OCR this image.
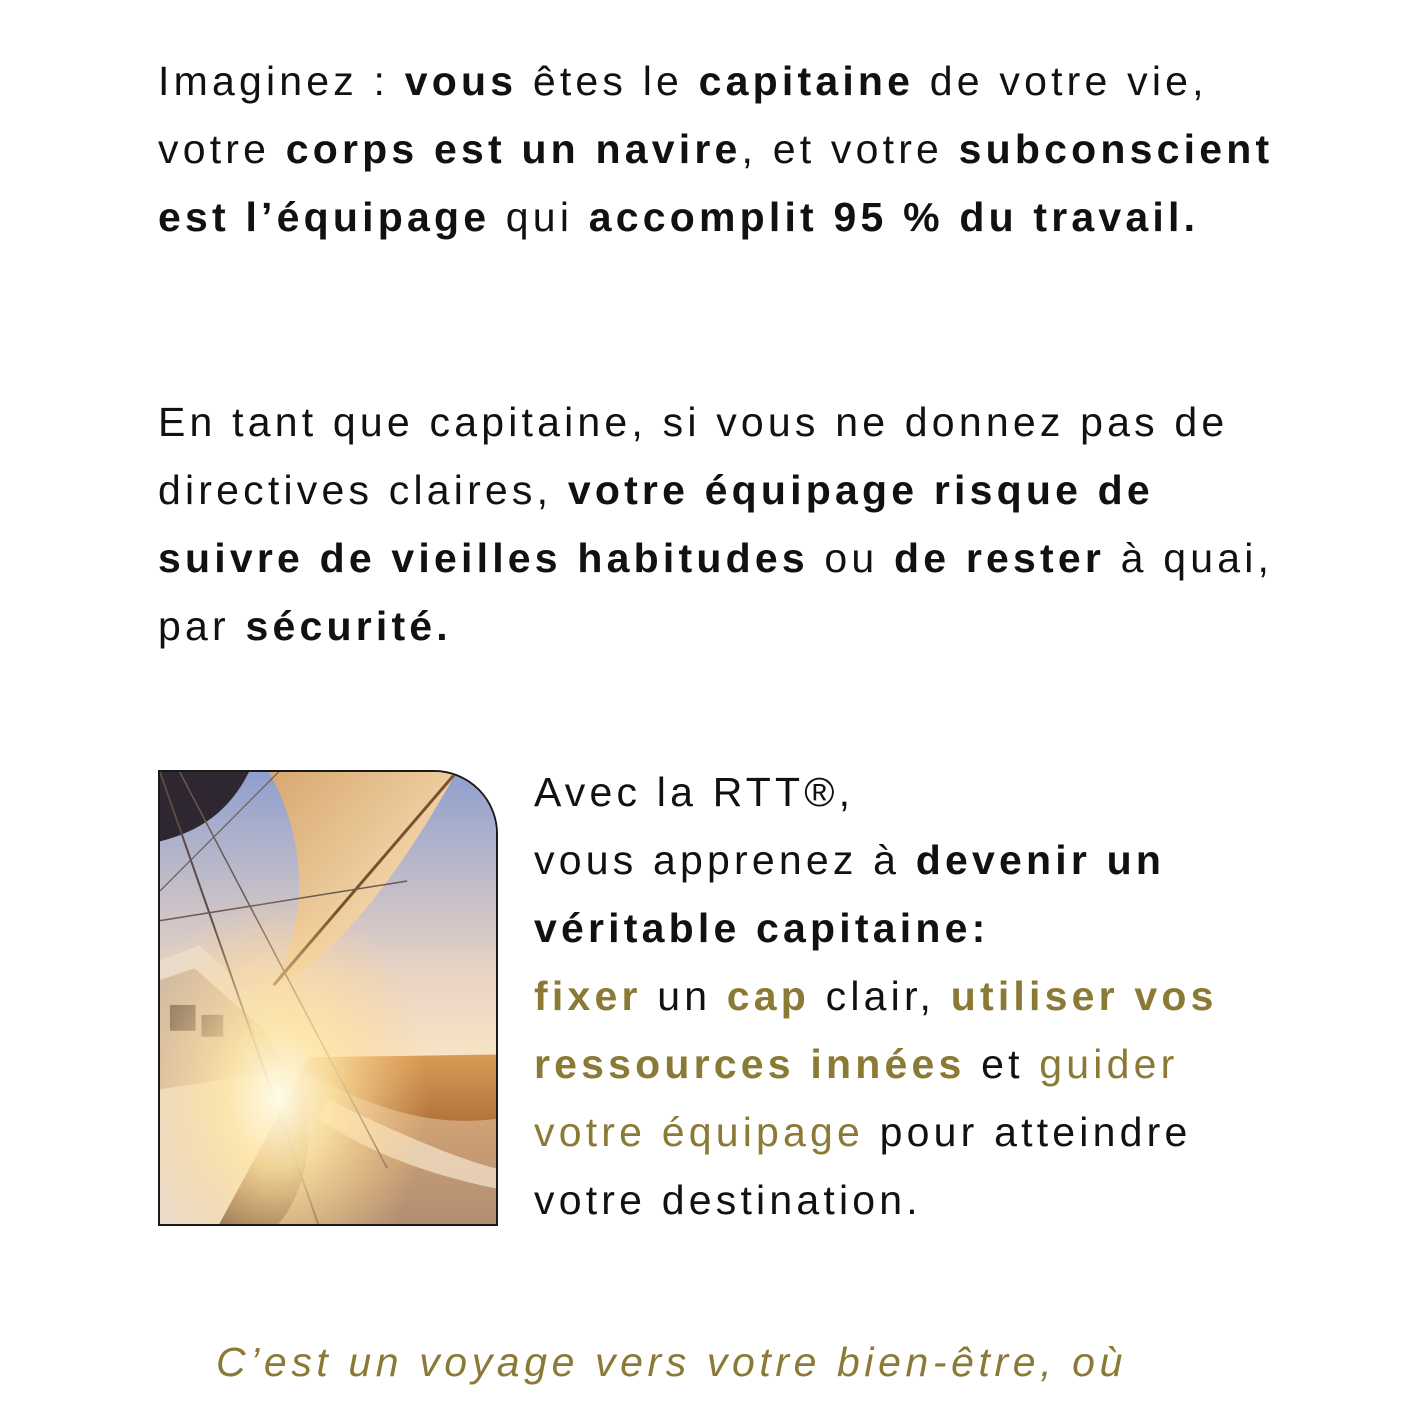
Imaginez : vous êtes le capitaine de votre vie, votre corps est un navire, et votre subconscient est l’équipage qui accomplit 95 % du travail.

En tant que capitaine, si vous ne donnez pas de directives claires, votre équipage risque de suivre de vieilles habitudes ou de rester à quai, par sécurité.

Avec la RTT®,
vous apprenez à devenir un
véritable capitaine:
fixer un cap clair, utiliser vos
ressources innées et guider
votre équipage pour atteindre
votre destination.

C’est un voyage vers votre bien-être, où
